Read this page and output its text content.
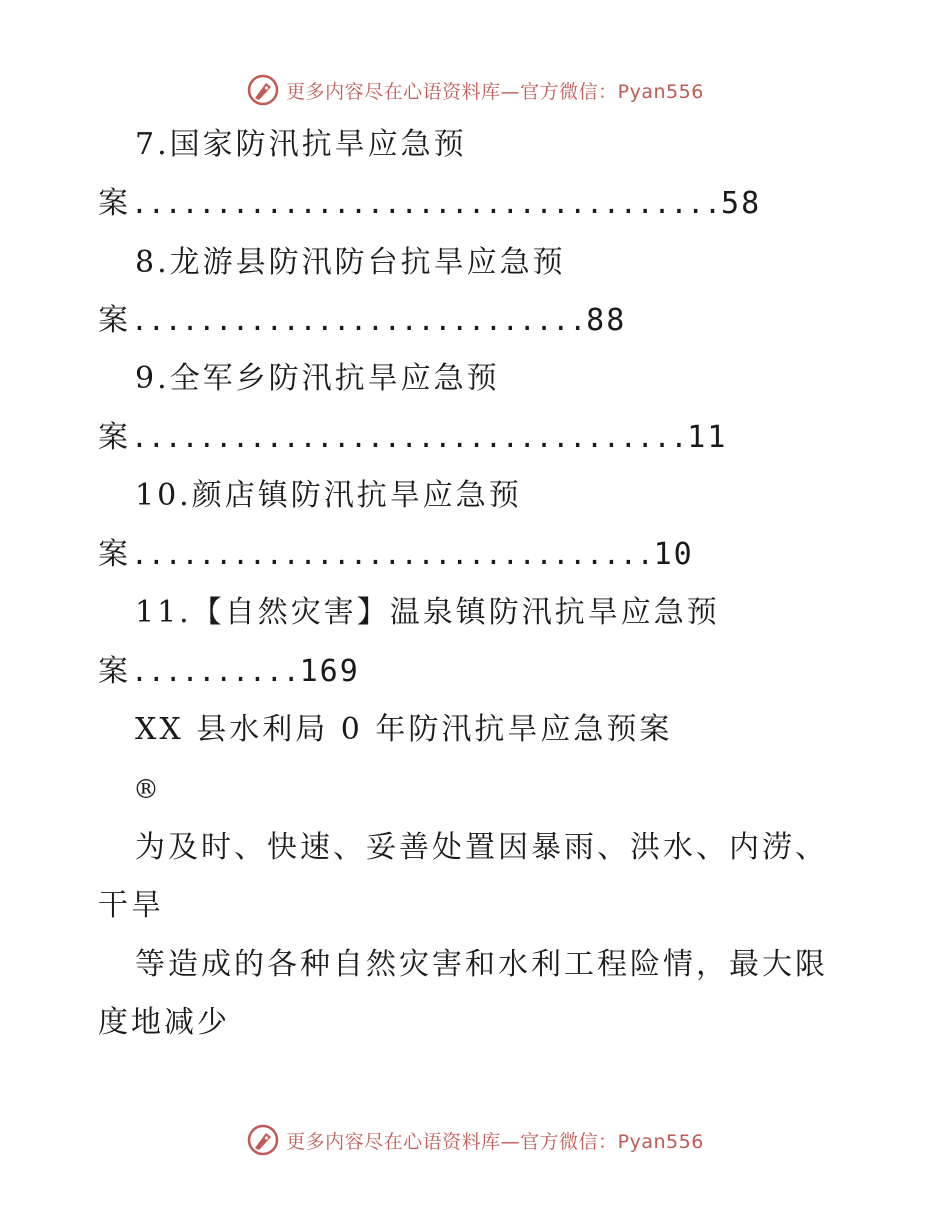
更多内容尽在心语资料库—官方微信：Pyan556
7.国家防汛抗旱应急预
案...................................58
8.龙游县防汛防台抗旱应急预
案...........................88
9.全军乡防汛抗旱应急预
案.................................11
10.颜店镇防汛抗旱应急预
案...............................10
11.【自然灾害】温泉镇防汛抗旱应急预
案..........169
XX 县水利局 0 年防汛抗旱应急预案
®
为及时、快速、妥善处置因暴雨、洪水、内涝、
干旱
等造成的各种自然灾害和水利工程险情，最大限
度地减少
更多内容尽在心语资料库—官方微信：Pyan556
